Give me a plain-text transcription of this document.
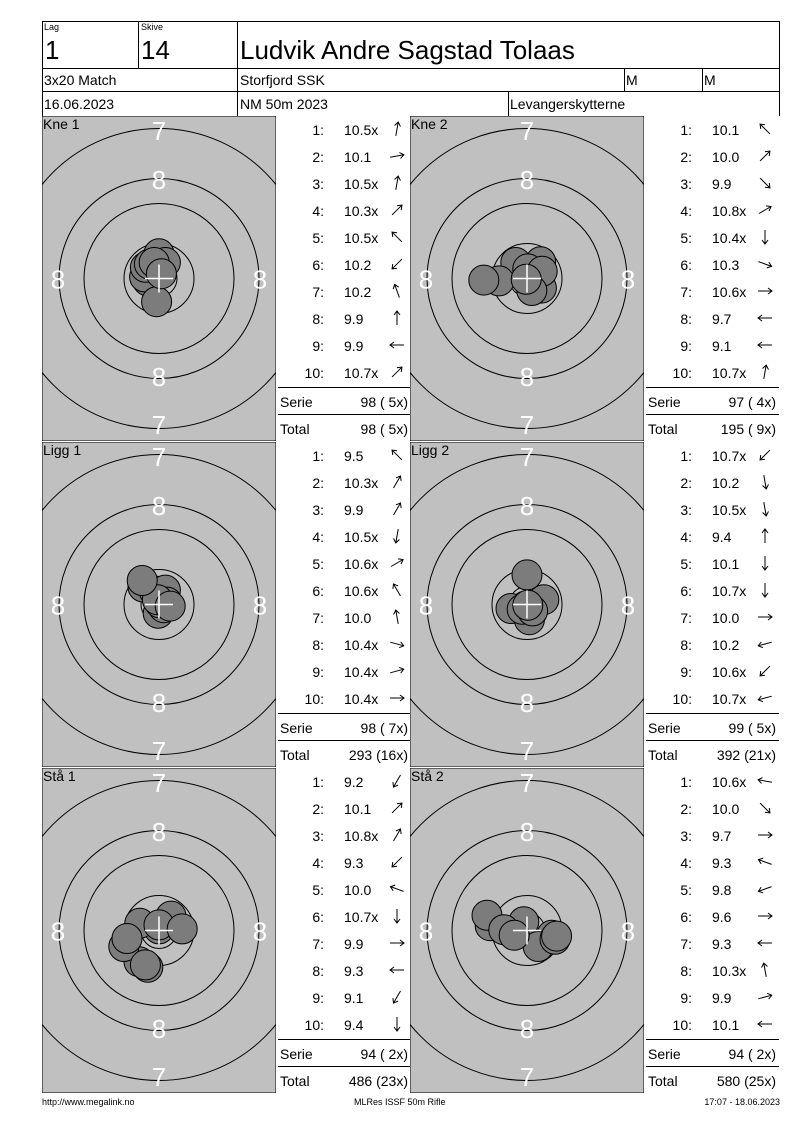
Lag
1
Skive
14	Ludvik Andre Sagstad Tolaas
3x20 Match	Storfjord SSK	M	M
16.06.2023	NM 50m 2023	Levangerskytterne
7
8
8
7
8	8
Kne 1	1: 10.5x
2: 10.1
3: 10.5x
4: 10.3x
5: 10.5x
6: 10.2
7: 10.2
8: 9.9
9: 9.9
10: 10.7x
Serie	98 ( 5x)
Total	98 ( 5x)
7
8
8
7
8	8
Kne 2	1: 10.1
2: 10.0
3: 9.9
4: 10.8x
5: 10.4x
6: 10.3
7: 10.6x
8: 9.7
9: 9.1
10: 10.7x
Serie	97 ( 4x)
Total	195 ( 9x)
7
8
8
7
8	8
Ligg 1	1: 9.5
2: 10.3x
3: 9.9
4: 10.5x
5: 10.6x
6: 10.6x
7: 10.0
8: 10.4x
9: 10.4x
10: 10.4x
Serie	98 ( 7x)
Total	293 (16x)
7
8
8
7
8	8
Ligg 2	1: 10.7x
2: 10.2
3: 10.5x
4: 9.4
5: 10.1
6: 10.7x
7: 10.0
8: 10.2
9: 10.6x
10: 10.7x
Serie	99 ( 5x)
Total	392 (21x)
7
8
8
7
8	8
Stå 1	1: 9.2
2: 10.1
3: 10.8x
4: 9.3
5: 10.0
6: 10.7x
7: 9.9
8: 9.3
9: 9.1
10: 9.4
Serie	94 ( 2x)
Total	486 (23x)
7
8
8
7
8	8
Stå 2	1: 10.6x
2: 10.0
3: 9.7
4: 9.3
5: 9.8
6: 9.6
7: 9.3
8: 10.3x
9: 9.9
10: 10.1
Serie	94 ( 2x)
Total	580 (25x)
http://www.megalink.no	MLRes ISSF 50m Rifle	17:07 - 18.06.2023
